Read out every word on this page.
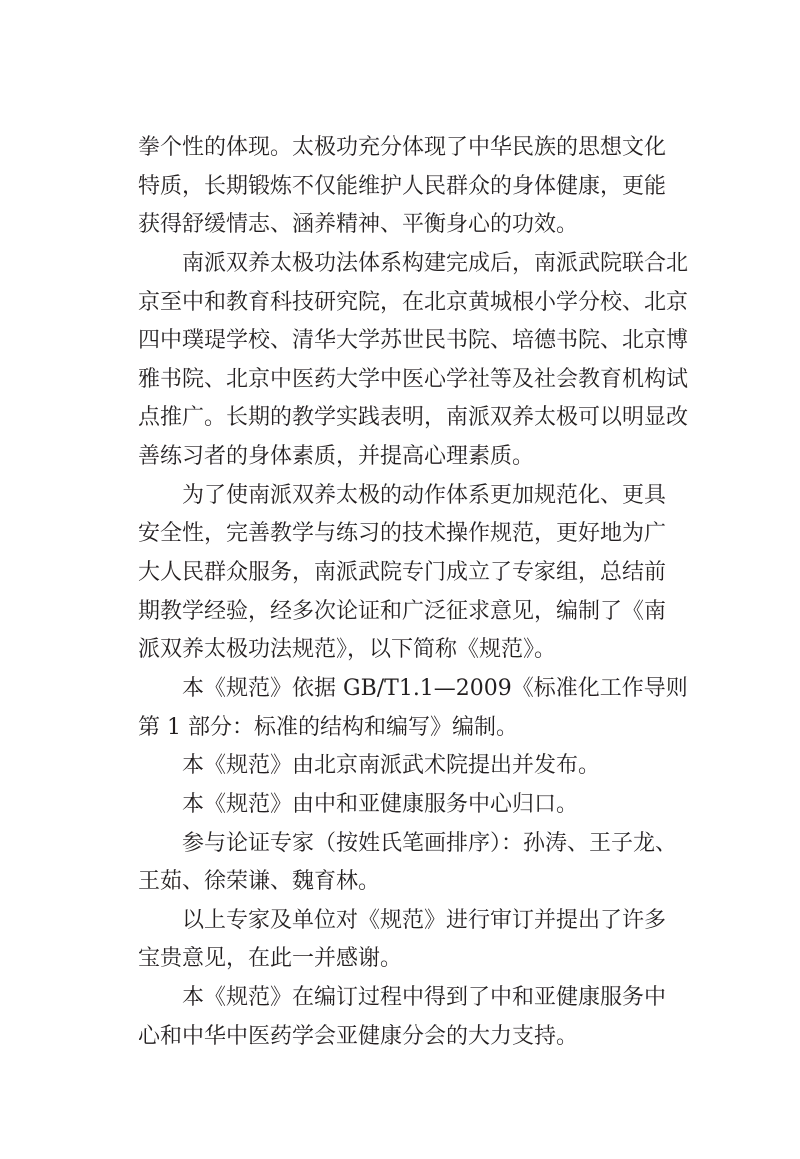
拳个性的体现。太极功充分体现了中华民族的思想文化
特质，长期锻炼不仅能维护人民群众的身体健康，更能
获得舒缓情志、涵养精神、平衡身心的功效。
南派双养太极功法体系构建完成后，南派武院联合北
京至中和教育科技研究院，在北京黄城根小学分校、北京
四中璞瑅学校、清华大学苏世民书院、培德书院、北京博
雅书院、北京中医药大学中医心学社等及社会教育机构试
点推广。长期的教学实践表明，南派双养太极可以明显改
善练习者的身体素质，并提高心理素质。
为了使南派双养太极的动作体系更加规范化、更具
安全性，完善教学与练习的技术操作规范，更好地为广
大人民群众服务，南派武院专门成立了专家组，总结前
期教学经验，经多次论证和广泛征求意见，编制了《南
派双养太极功法规范》，以下简称《规范》。
本《规范》依据 GB/T1.1—2009《标准化工作导则
第 1 部分：标准的结构和编写》编制。
本《规范》由北京南派武术院提出并发布。
本《规范》由中和亚健康服务中心归口。
参与论证专家（按姓氏笔画排序）：孙涛、王子龙、
王茹、徐荣谦、魏育林。
以上专家及单位对《规范》进行审订并提出了许多
宝贵意见，在此一并感谢。
本《规范》在编订过程中得到了中和亚健康服务中
心和中华中医药学会亚健康分会的大力支持。
